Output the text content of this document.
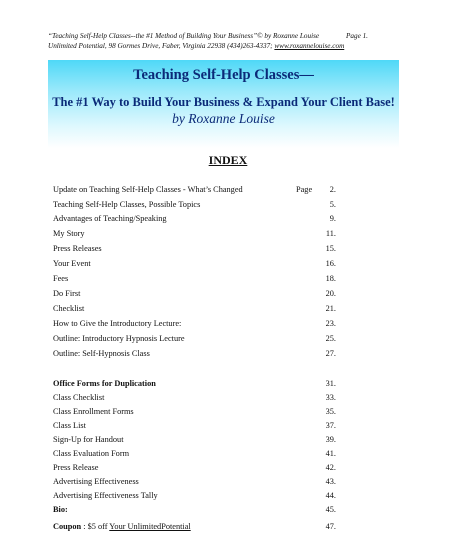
“Teaching Self-Help Classes--the #1 Method of Building Your Business”© by Roxanne Louise	Page 1.
Unlimited Potential, 98 Gormes Drive, Faber, Virginia 22938 (434)263-4337; www.roxannelouise.com
Teaching Self-Help Classes—
The #1 Way to Build Your Business & Expand Your Client Base!
by Roxanne Louise
INDEX
Update on Teaching Self-Help Classes - What’s Changed	Page 2.
Teaching Self-Help Classes, Possible Topics	5.
Advantages of Teaching/Speaking	9.
My Story	11.
Press Releases	15.
Your Event	16.
Fees	18.
Do First	20.
Checklist	21.
How to Give the Introductory Lecture:	23.
Outline: Introductory Hypnosis Lecture	25.
Outline: Self-Hypnosis Class	27.
Office Forms for Duplication	31.
Class Checklist	33.
Class Enrollment Forms	35.
Class List	37.
Sign-Up for Handout	39.
Class Evaluation Form	41.
Press Release	42.
Advertising Effectiveness	43.
Advertising Effectiveness Tally	44.
Bio:	45.
Coupon : $5 off Your UnlimitedPotential	47.
